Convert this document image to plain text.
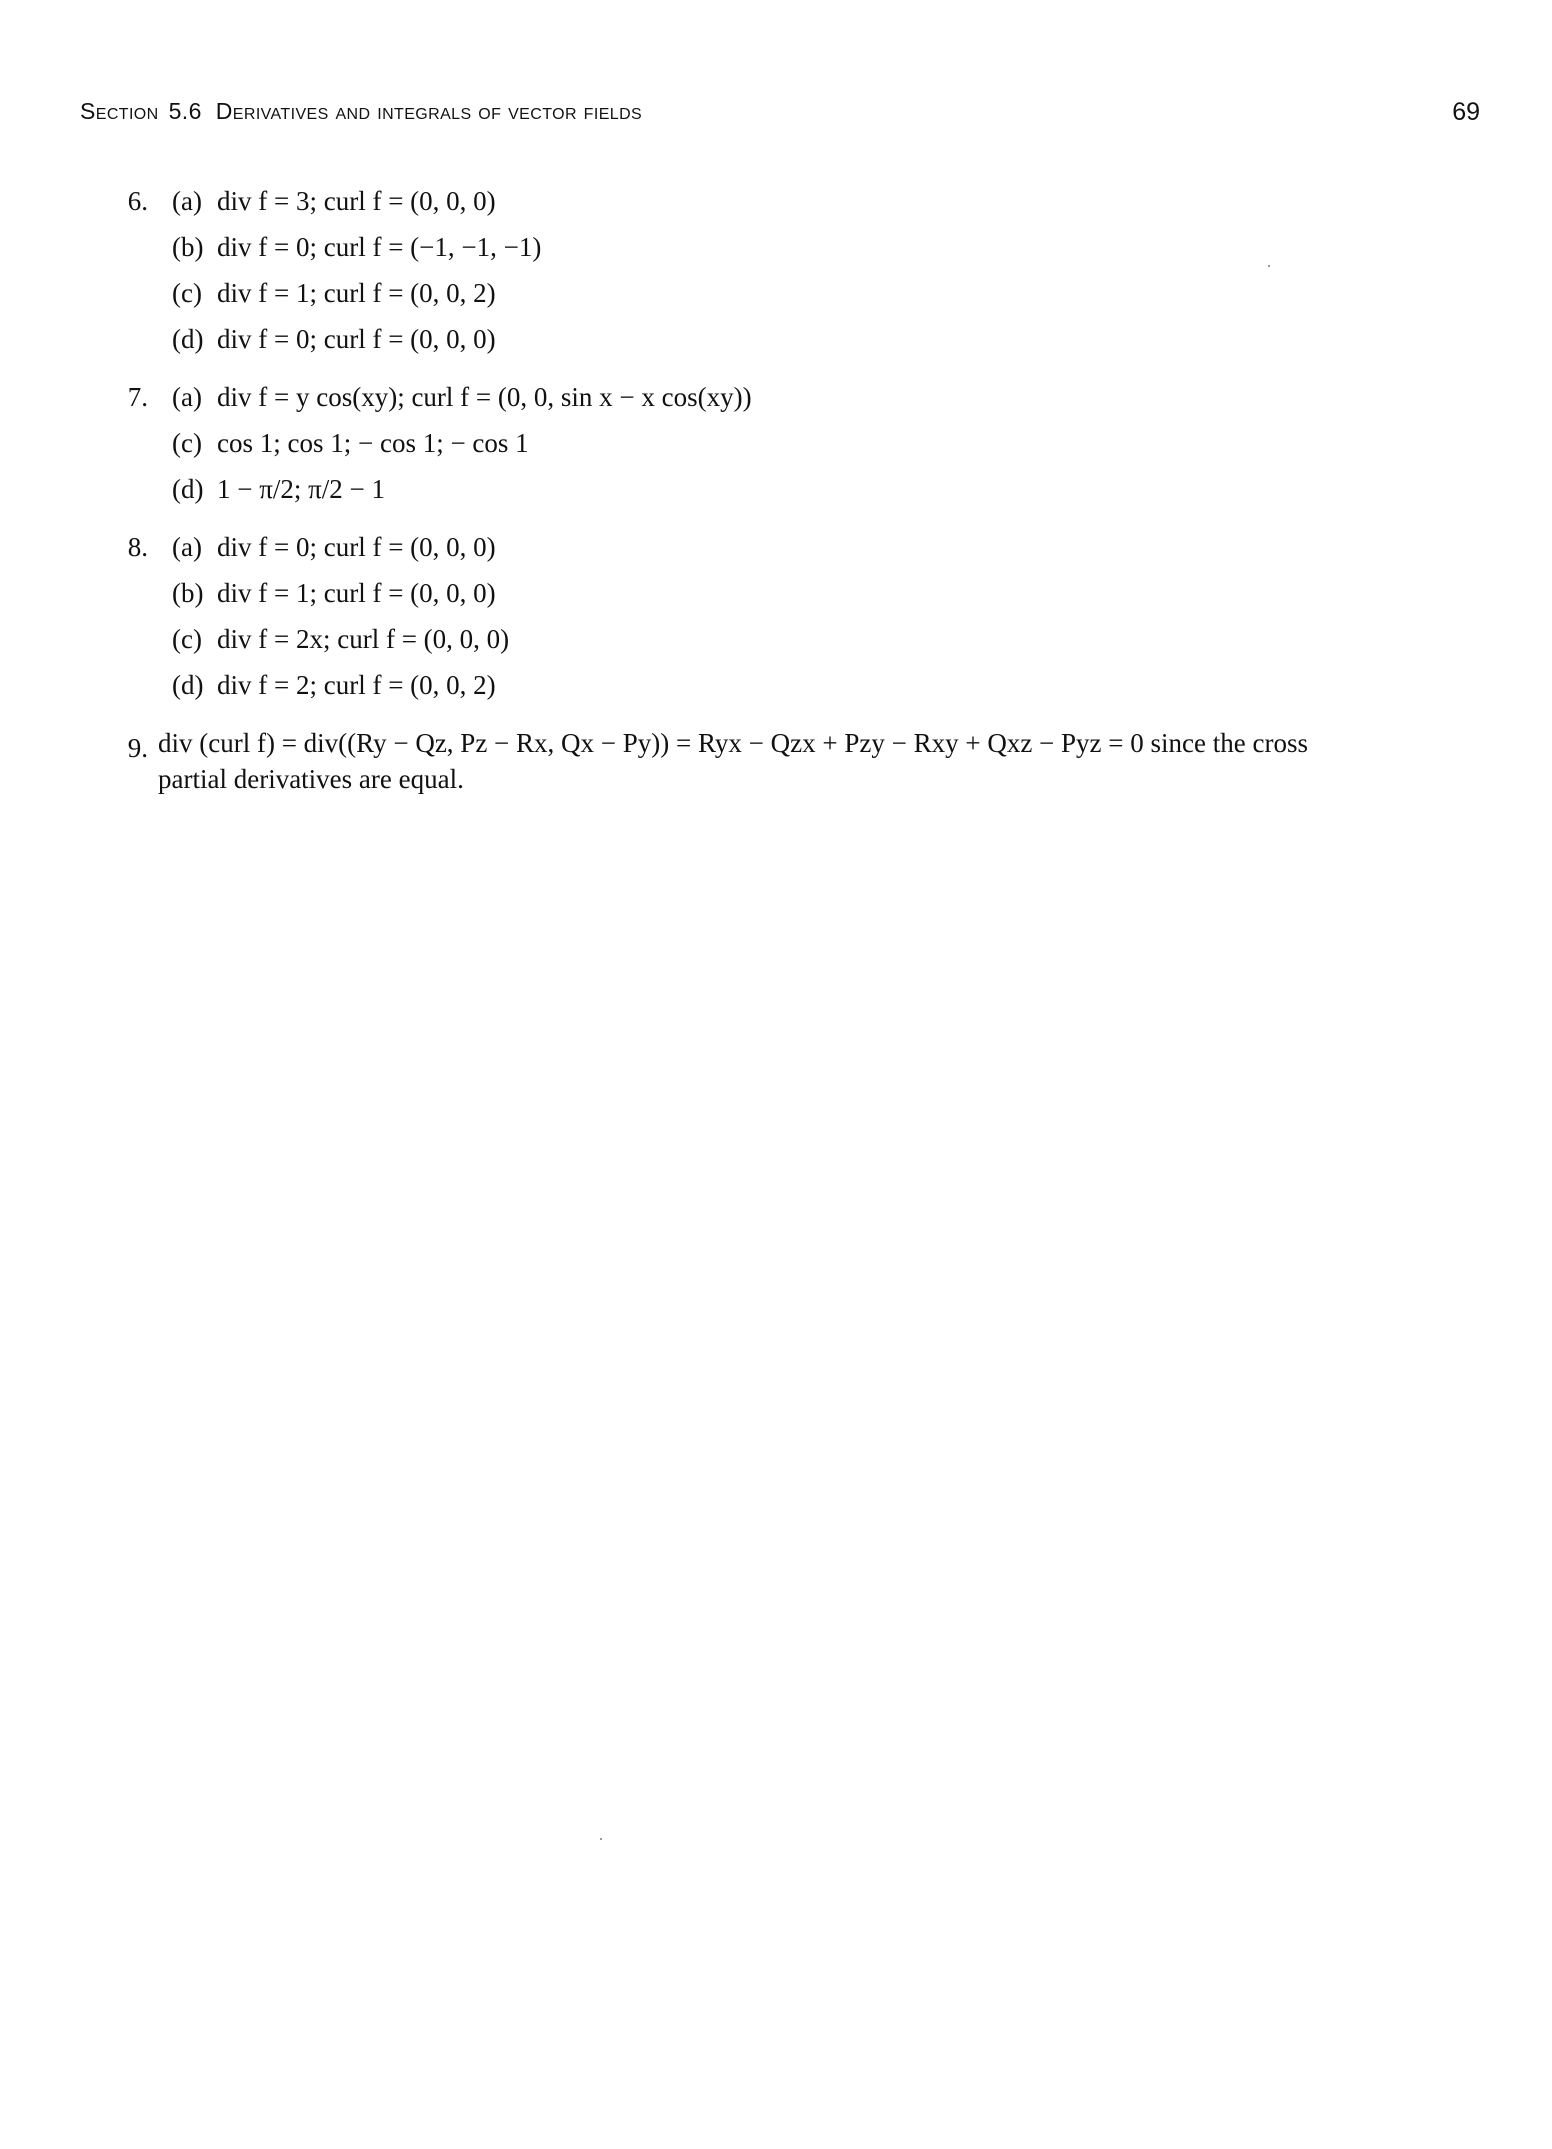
Section 5.6 Derivatives and integrals of vector fields	69
6. (a) div f = 3; curl f = (0, 0, 0)
(b) div f = 0; curl f = (−1, −1, −1)
(c) div f = 1; curl f = (0, 0, 2)
(d) div f = 0; curl f = (0, 0, 0)
7. (a) div f = y cos(xy); curl f = (0, 0, sin x − x cos(xy))
(c) cos 1; cos 1; − cos 1; − cos 1
(d) 1 − π/2; π/2 − 1
8. (a) div f = 0; curl f = (0, 0, 0)
(b) div f = 1; curl f = (0, 0, 0)
(c) div f = 2x; curl f = (0, 0, 0)
(d) div f = 2; curl f = (0, 0, 2)
9. div (curl f) = div((Ry − Qz, Pz − Rx, Qx − Py)) = Ryx − Qzx + Pzy − Rxy + Qxz − Pyz = 0 since the cross
partial derivatives are equal.
